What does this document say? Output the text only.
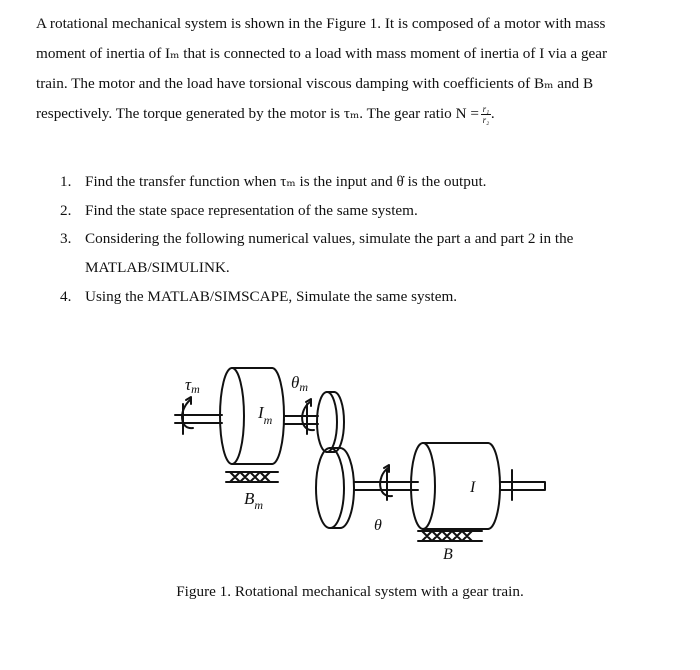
A rotational mechanical system is shown in the Figure 1. It is composed of a motor with mass
moment of inertia of Iₘ that is connected to a load with mass moment of inertia of I via a gear
train. The motor and the load have torsional viscous damping with coefficients of Bₘ and B
respectively. The torque generated by the motor is τₘ. The gear ratio $N = \frac{\text{r₁}}{\text{r₂}}$ .
1. Find the transfer function when τₘ is the input and θ̇ is the output.
2. Find the state space representation of the same system.
3. Considering the following numerical values, simulate the part a and part 2 in the
MATLAB/SIMULINK.
4. Using the MATLAB/SIMSCAPE, Simulate the same system.
τm	θm
$I_m$
$B_m$
θ
I
B
Figure 1. Rotational mechanical system with a gear train.
